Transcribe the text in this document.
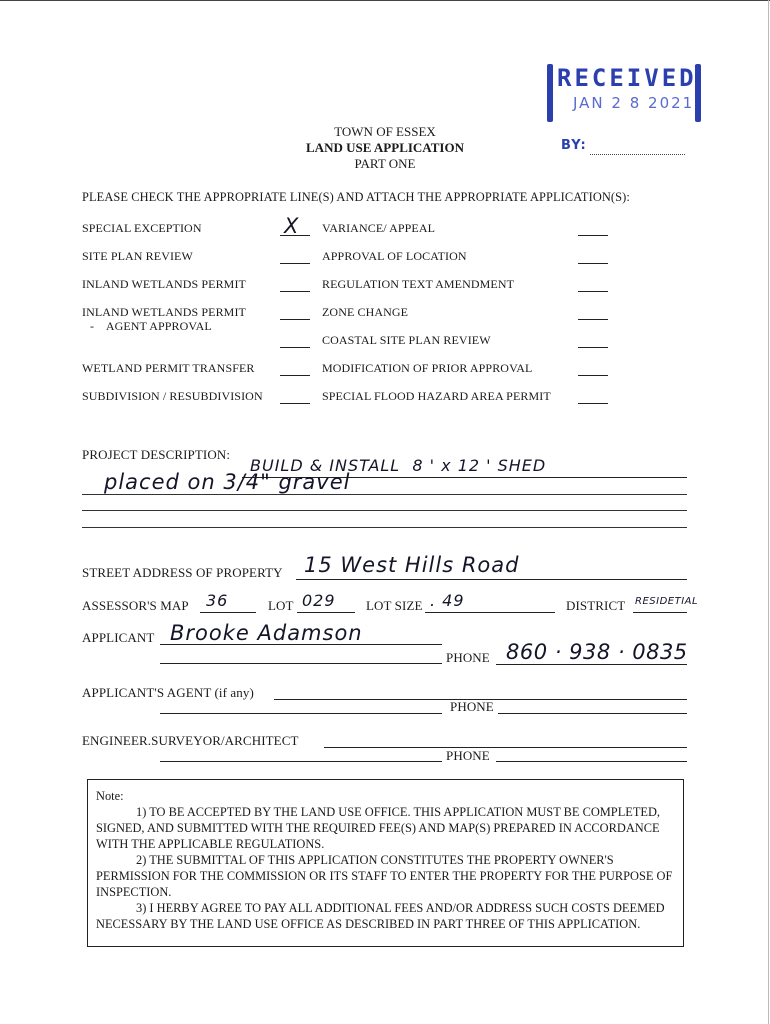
RECEIVED
JAN 2 8 2021
BY:
TOWN OF ESSEX
LAND USE APPLICATION
PART ONE
PLEASE CHECK THE APPROPRIATE LINE(S) AND ATTACH THE APPROPRIATE APPLICATION(S):
SPECIAL EXCEPTION
SITE PLAN REVIEW
INLAND WETLANDS PERMIT
INLAND WETLANDS PERMIT
-    AGENT APPROVAL
WETLAND PERMIT TRANSFER
SUBDIVISION / RESUBDIVISION
X VARIANCE/ APPEAL
APPROVAL OF LOCATION
REGULATION TEXT AMENDMENT
ZONE CHANGE
COASTAL SITE PLAN REVIEW
MODIFICATION OF PRIOR APPROVAL
SPECIAL FLOOD HAZARD AREA PERMIT
PROJECT DESCRIPTION:
BUILD & INSTALL  8 ' x 12 ' SHED
placed on 3/4" gravel
STREET ADDRESS OF PROPERTY 15 West Hills Road
ASSESSOR'S MAP 36	LOT 029 LOT SIZE . 49	DISTRICT RESIDETIAL
APPLICANT Brooke Adamson
PHONE 860 · 938 · 0835
APPLICANT'S AGENT (if any)
PHONE
ENGINEER.SURVEYOR/ARCHITECT
PHONE

Note:

1) TO BE ACCEPTED BY THE LAND USE OFFICE. THIS APPLICATION MUST BE COMPLETED, SIGNED, AND SUBMITTED WITH THE REQUIRED FEE(S) AND MAP(S) PREPARED IN ACCORDANCE WITH THE APPLICABLE REGULATIONS.

2) THE SUBMITTAL OF THIS APPLICATION CONSTITUTES THE PROPERTY OWNER'S PERMISSION FOR THE COMMISSION OR ITS STAFF TO ENTER THE PROPERTY FOR THE PURPOSE OF INSPECTION.

3) I HERBY AGREE TO PAY ALL ADDITIONAL FEES AND/OR ADDRESS SUCH COSTS DEEMED NECESSARY BY THE LAND USE OFFICE AS DESCRIBED IN PART THREE OF THIS APPLICATION.
